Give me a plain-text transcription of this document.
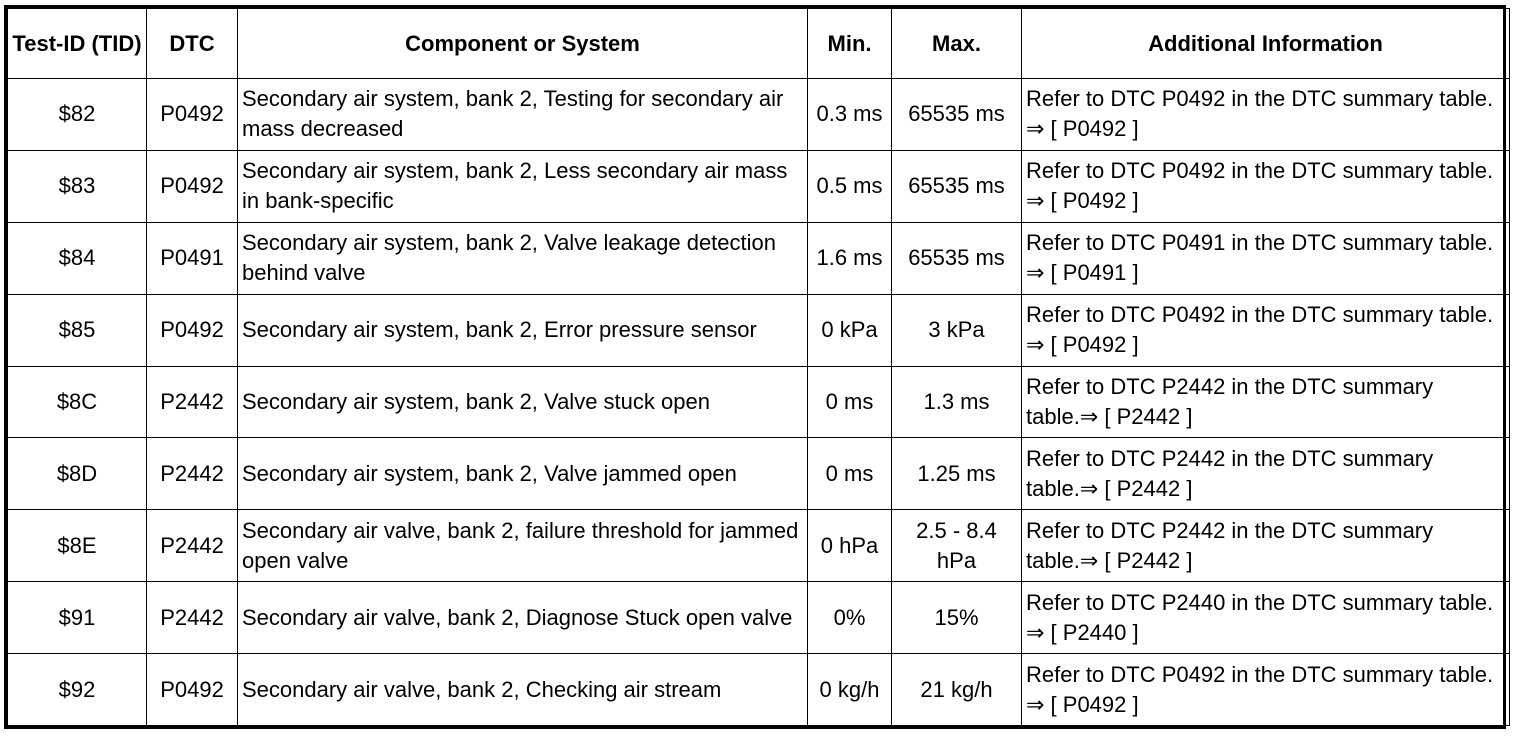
Test-ID (TID)	DTC	Component or System	Min.	Max.	Additional Information
$82	P0492	Secondary air system, bank 2, Testing for secondary air mass decreased	0.3 ms	65535 ms	Refer to DTC P0492 in the DTC summary table. ⇒ [ P0492 ]
$83	P0492	Secondary air system, bank 2, Less secondary air mass in bank-specific	0.5 ms	65535 ms	Refer to DTC P0492 in the DTC summary table. ⇒ [ P0492 ]
$84	P0491	Secondary air system, bank 2, Valve leakage detection behind valve	1.6 ms	65535 ms	Refer to DTC P0491 in the DTC summary table. ⇒ [ P0491 ]
$85	P0492	Secondary air system, bank 2, Error pressure sensor	0 kPa	3 kPa	Refer to DTC P0492 in the DTC summary table. ⇒ [ P0492 ]
$8C	P2442	Secondary air system, bank 2, Valve stuck open	0 ms	1.3 ms	Refer to DTC P2442 in the DTC summary table.⇒ [ P2442 ]
$8D	P2442	Secondary air system, bank 2, Valve jammed open	0 ms	1.25 ms	Refer to DTC P2442 in the DTC summary table.⇒ [ P2442 ]
$8E	P2442	Secondary air valve, bank 2, failure threshold for jammed open valve	0 hPa	2.5 - 8.4 hPa	Refer to DTC P2442 in the DTC summary table.⇒ [ P2442 ]
$91	P2442	Secondary air valve, bank 2, Diagnose Stuck open valve	0%	15%	Refer to DTC P2440 in the DTC summary table. ⇒ [ P2440 ]
$92	P0492	Secondary air valve, bank 2, Checking air stream	0 kg/h	21 kg/h	Refer to DTC P0492 in the DTC summary table. ⇒ [ P0492 ]
